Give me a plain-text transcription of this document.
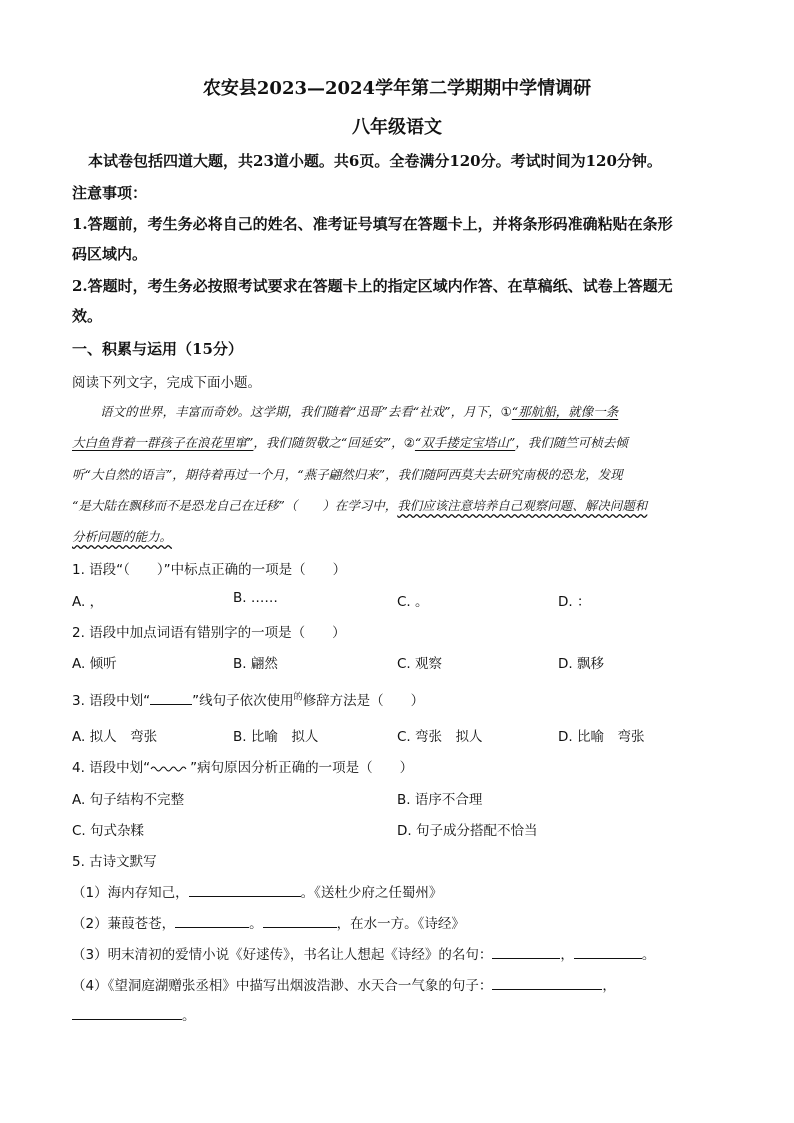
农安县2023—2024学年第二学期期中学情调研
八年级语文
本试卷包括四道大题，共23道小题。共6页。全卷满分120分。考试时间为120分钟。
注意事项：
1.答题前，考生务必将自己的姓名、准考证号填写在答题卡上，并将条形码准确粘贴在条形
码区域内。
2.答题时，考生务必按照考试要求在答题卡上的指定区域内作答、在草稿纸、试卷上答题无
效。
一、积累与运用（15分）
阅读下列文字，完成下面小题。
语文的世界，丰富而奇妙。这学期，我们随着“迅哥”去看“社戏”，月下，①“那航船，就像一条
大白鱼背着一群孩子在浪花里窜”，我们随贺敬之“回延安”，②“双手搂定宝塔山”，我们随竺可桢去倾
听“大自然的语言”，期待着再过一个月，“燕子翩然归来”，我们随阿西莫夫去研究南极的恐龙，发现
“是大陆在飘移而不是恐龙自己在迁移”（　　）在学习中，我们应该注意培养自己观察问题、解决问题和
分析问题的能力。
1. 语段“（　　）”中标点正确的一项是（　　）
A. ，	B. ……	C. 。	D. ：
2. 语段中加点词语有错别字的一项是（　　）
A. 倾听	B. 翩然	C. 观察	D. 飘移
3. 语段中划“	”线句子依次使用$^的$修辞方法是（　　）
A. 拟人　弯张	B. 比喻　拟人	C. 弯张　拟人	D. 比喻　弯张
4. 语段中划“	”病句原因分析正确的一项是（　　）
A. 句子结构不完整	B. 语序不合理
C. 句式杂糅	D. 句子成分搭配不恰当
5. 古诗文默写
（1）海内存知己，	。《送杜少府之任蜀州》
（2）蒹葭苍苍，	。	，在水一方。《诗经》
（3）明末清初的爱情小说《好逑传》，书名让人想起《诗经》的名句：	，	。
（4）《望洞庭湖赠张丞相》中描写出烟波浩渺、水天合一气象的句子：	，
。
